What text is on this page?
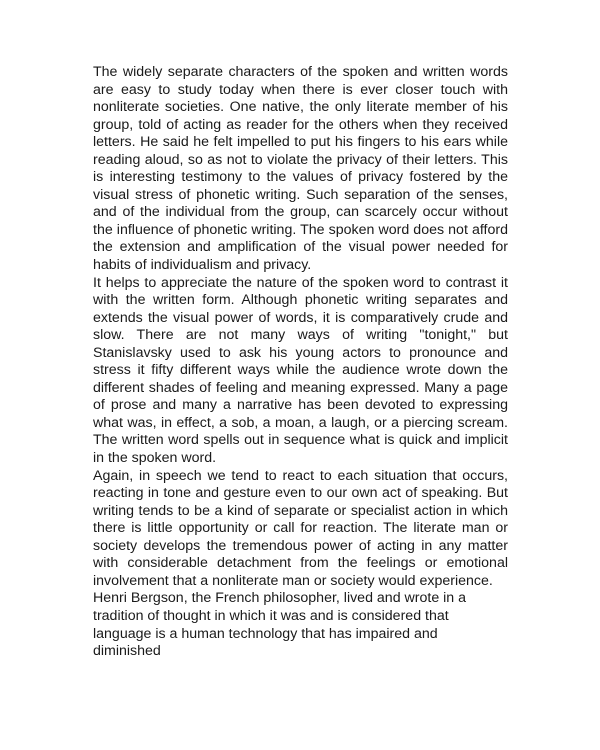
The widely separate characters of the spoken and written words are easy to study today when there is ever closer touch with nonliterate societies. One native, the only literate member of his group, told of acting as reader for the others when they received letters. He said he felt impelled to put his fingers to his ears while reading aloud, so as not to violate the privacy of their letters. This is interesting testimony to the values of privacy fostered by the visual stress of phonetic writing. Such separation of the senses, and of the individual from the group, can scarcely occur without the influence of phonetic writing. The spoken word does not afford the extension and amplification of the visual power needed for habits of individualism and privacy.

It helps to appreciate the nature of the spoken word to contrast it with the written form. Although phonetic writing separates and extends the visual power of words, it is comparatively crude and slow. There are not many ways of writing "tonight," but Stanislavsky used to ask his young actors to pronounce and stress it fifty different ways while the audience wrote down the different shades of feeling and meaning expressed. Many a page of prose and many a narrative has been devoted to expressing what was, in effect, a sob, a moan, a laugh, or a piercing scream. The written word spells out in sequence what is quick and implicit in the spoken word.

Again, in speech we tend to react to each situation that occurs, reacting in tone and gesture even to our own act of speaking. But writing tends to be a kind of separate or specialist action in which there is little opportunity or call for reaction. The literate man or society develops the tremendous power of acting in any matter with considerable detachment from the feelings or emotional involvement that a nonliterate man or society would experience.

Henri Bergson, the French philosopher, lived and wrote in a tradition of thought in which it was and is considered that language is a human technology that has impaired and diminished
